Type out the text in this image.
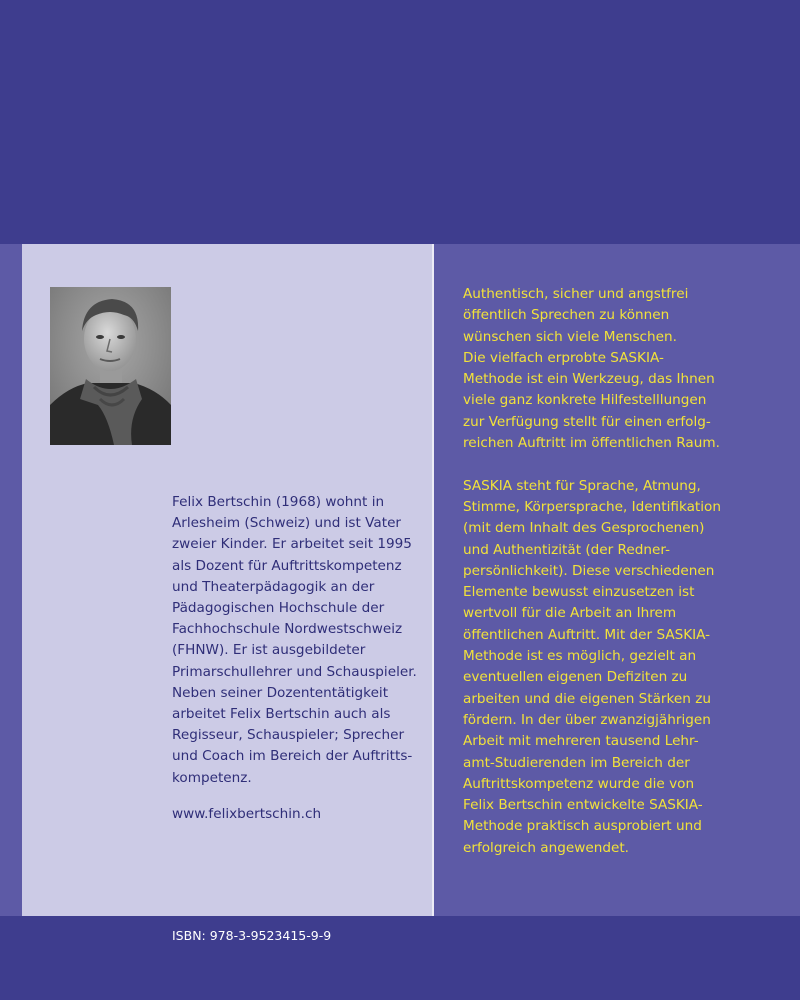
Felix Bertschin (1968) wohnt in
Arlesheim (Schweiz) und ist Vater
zweier Kinder. Er arbeitet seit 1995
als Dozent für Auftrittskompetenz
und Theaterpädagogik an der
Pädagogischen Hochschule der
Fachhochschule Nordwestschweiz
(FHNW). Er ist ausgebildeter
Primarschullehrer und Schauspieler.
Neben seiner Dozententätigkeit
arbeitet Felix Bertschin auch als
Regisseur, Schauspieler; Sprecher
und Coach im Bereich der Auftritts-
kompetenz.
www.felixbertschin.ch
Authentisch, sicher und angstfrei
öffentlich Sprechen zu können
wünschen sich viele Menschen.
Die vielfach erprobte SASKIA-
Methode ist ein Werkzeug, das Ihnen
viele ganz konkrete Hilfestelllungen
zur Verfügung stellt für einen erfolg-
reichen Auftritt im öffentlichen Raum.
SASKIA steht für Sprache, Atmung,
Stimme, Körpersprache, Identifikation
(mit dem Inhalt des Gesprochenen)
und Authentizität (der Redner-
persönlichkeit). Diese verschiedenen
Elemente bewusst einzusetzen ist
wertvoll für die Arbeit an Ihrem
öffentlichen Auftritt. Mit der SASKIA-
Methode ist es möglich, gezielt an
eventuellen eigenen Defiziten zu
arbeiten und die eigenen Stärken zu
fördern. In der über zwanzigjährigen
Arbeit mit mehreren tausend Lehr-
amt-Studierenden im Bereich der
Auftrittskompetenz wurde die von
Felix Bertschin entwickelte SASKIA-
Methode praktisch ausprobiert und
erfolgreich angewendet.
ISBN: 978-3-9523415-9-9
